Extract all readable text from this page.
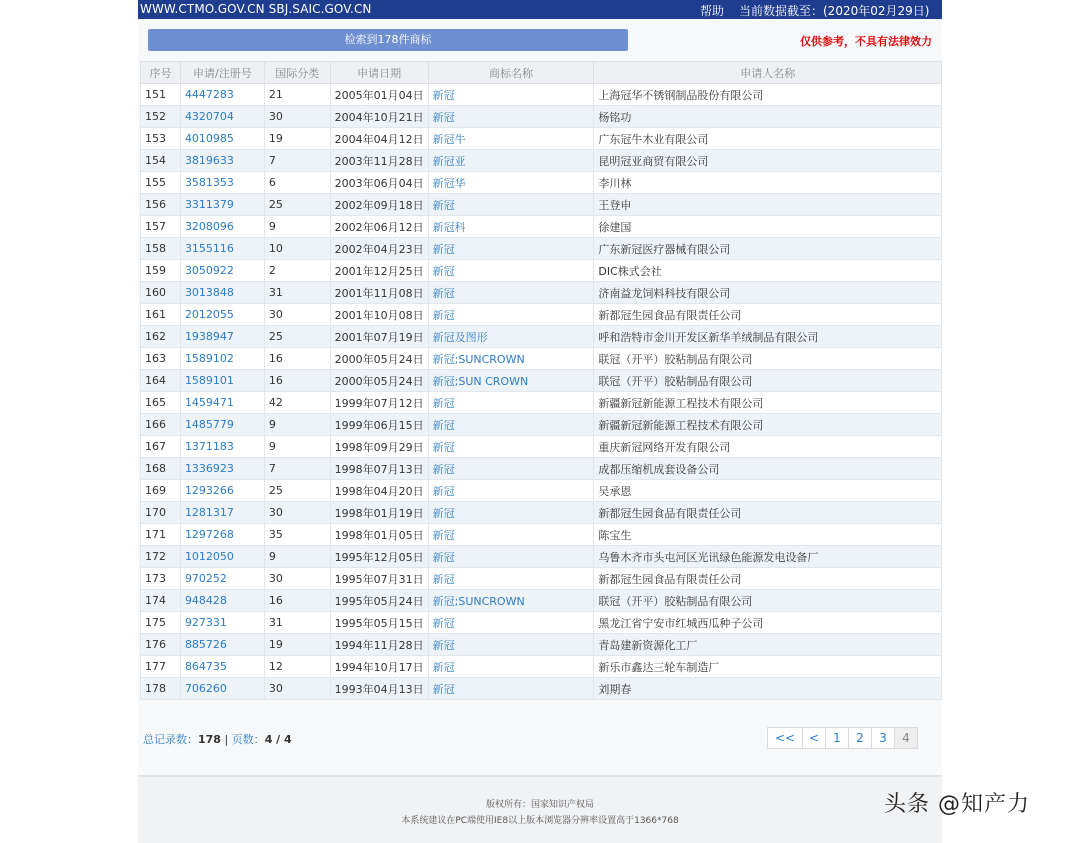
WWW.CTMO.GOV.CN SBJ.SAIC.GOV.CN	帮助 当前数据截至：(2020年02月29日)
检索到178件商标	仅供参考，不具有法律效力
序号	申请/注册号	国际分类	申请日期	商标名称	申请人名称
151	4447283	21	2005年01月04日	新冠	上海冠华不锈钢制品股份有限公司
152	4320704	30	2004年10月21日	新冠	杨铭功
153	4010985	19	2004年04月12日	新冠牛	广东冠牛木业有限公司
154	3819633	7	2003年11月28日	新冠亚	昆明冠亚商贸有限公司
155	3581353	6	2003年06月04日	新冠华	李川林
156	3311379	25	2002年09月18日	新冠	王登申
157	3208096	9	2002年06月12日	新冠科	徐建国
158	3155116	10	2002年04月23日	新冠	广东新冠医疗器械有限公司
159	3050922	2	2001年12月25日	新冠	DIC株式会社
160	3013848	31	2001年11月08日	新冠	济南益龙饲料科技有限公司
161	2012055	30	2001年10月08日	新冠	新都冠生园食品有限责任公司
162	1938947	25	2001年07月19日	新冠及图形	呼和浩特市金川开发区新华羊绒制品有限公司
163	1589102	16	2000年05月24日	新冠;SUNCROWN	联冠（开平）胶粘制品有限公司
164	1589101	16	2000年05月24日	新冠;SUN CROWN	联冠（开平）胶粘制品有限公司
165	1459471	42	1999年07月12日	新冠	新疆新冠新能源工程技术有限公司
166	1485779	9	1999年06月15日	新冠	新疆新冠新能源工程技术有限公司
167	1371183	9	1998年09月29日	新冠	重庆新冠网络开发有限公司
168	1336923	7	1998年07月13日	新冠	成都压缩机成套设备公司
169	1293266	25	1998年04月20日	新冠	吴承恩
170	1281317	30	1998年01月19日	新冠	新都冠生园食品有限责任公司
171	1297268	35	1998年01月05日	新冠	陈宝生
172	1012050	9	1995年12月05日	新冠	乌鲁木齐市头屯河区光讯绿色能源发电设备厂
173	970252	30	1995年07月31日	新冠	新都冠生园食品有限责任公司
174	948428	16	1995年05月24日	新冠;SUNCROWN	联冠（开平）胶粘制品有限公司
175	927331	31	1995年05月15日	新冠	黑龙江省宁安市红城西瓜种子公司
176	885726	19	1994年11月28日	新冠	青岛建新资源化工厂
177	864735	12	1994年10月17日	新冠	新乐市鑫达三轮车制造厂
178	706260	30	1993年04月13日	新冠	刘期春
总记录数：178 | 页数：4 / 4	<<	<	1	2	3	4
版权所有：国家知识产权局
本系统建议在PC端使用IE8以上版本浏览器分辨率设置高于1366*768
头条 @知产力
